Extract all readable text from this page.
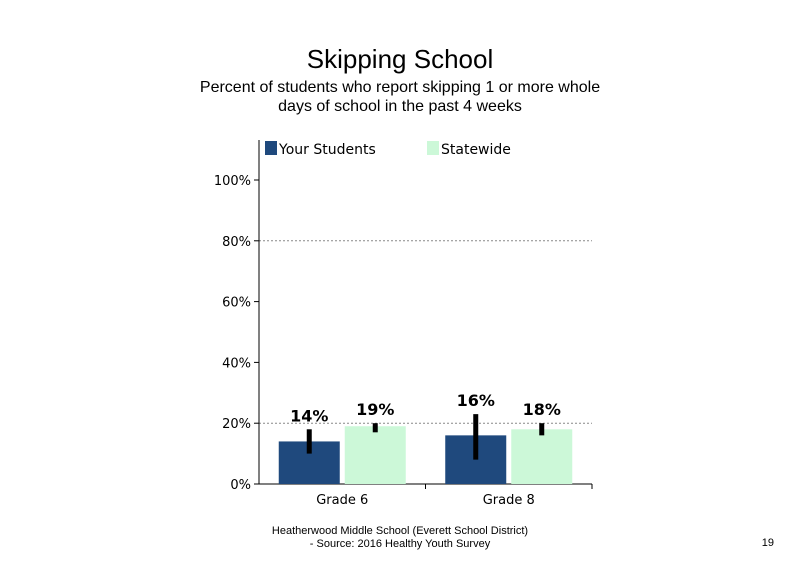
Skipping School
Percent of students who report skipping 1 or more whole days of school in the past 4 weeks
0%
20%
40%
60%
80%
100%
14% 19%
Grade 6
16% 18%
Grade 8
Your Students	Statewide
Heatherwood Middle School (Everett School District)
- Source: 2016 Healthy Youth Survey	19
